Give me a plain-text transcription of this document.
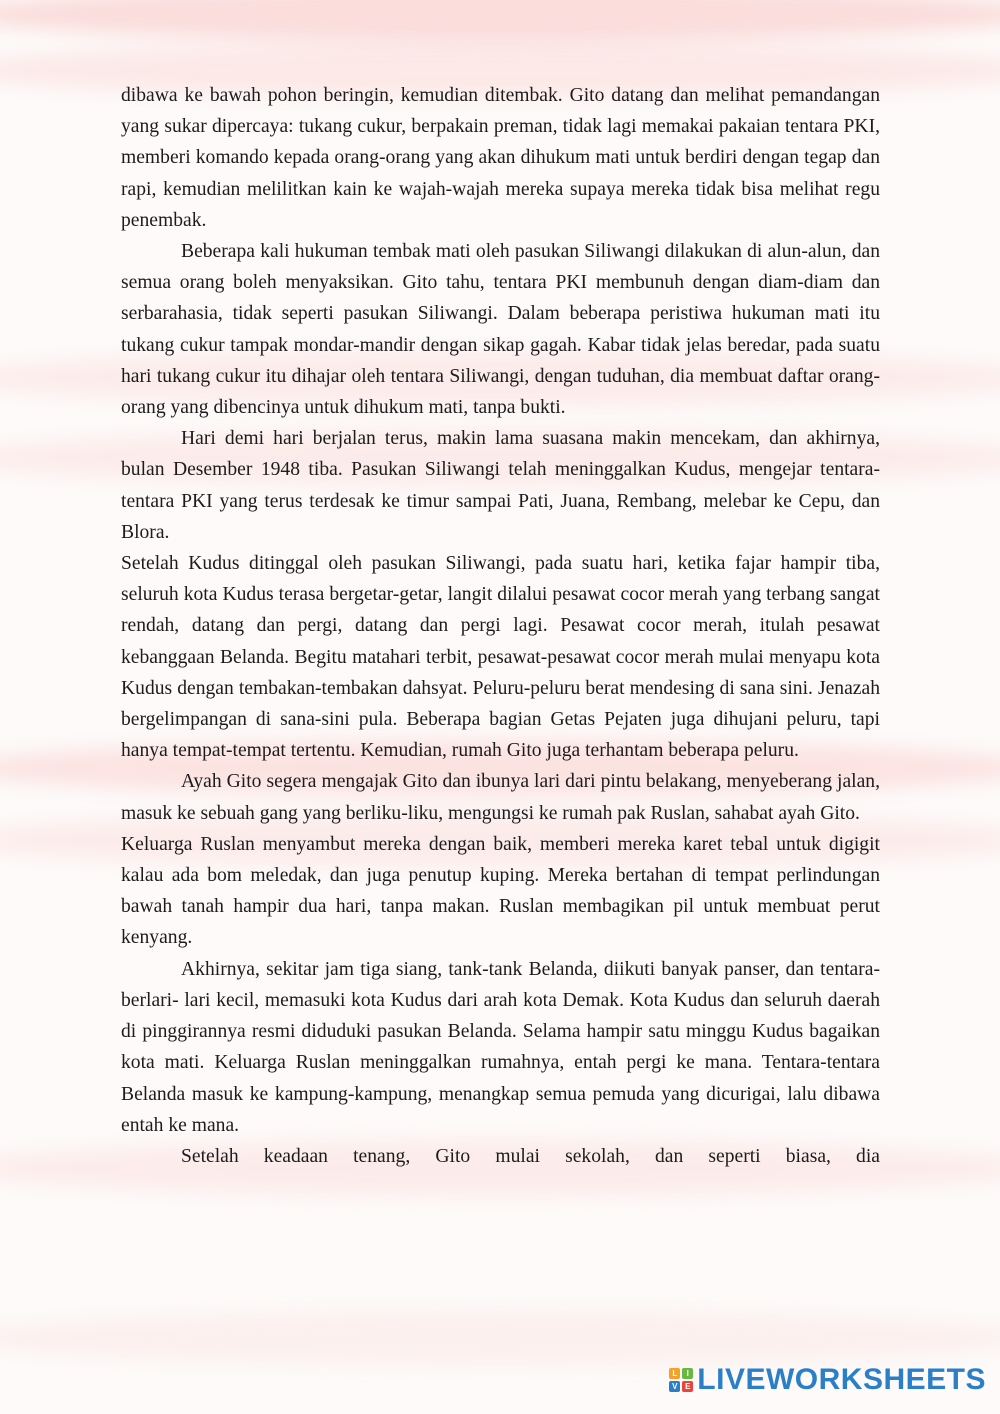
dibawa ke bawah pohon beringin, kemudian ditembak. Gito datang dan melihat pemandangan yang sukar dipercaya: tukang cukur, berpakain preman, tidak lagi memakai pakaian tentara PKI, memberi komando kepada orang-orang yang akan dihukum mati untuk berdiri dengan tegap dan rapi, kemudian melilitkan kain ke wajah-wajah mereka supaya mereka tidak bisa melihat regu penembak.

Beberapa kali hukuman tembak mati oleh pasukan Siliwangi dilakukan di alun-alun, dan semua orang boleh menyaksikan. Gito tahu, tentara PKI membunuh dengan diam-diam dan serbarahasia, tidak seperti pasukan Siliwangi. Dalam beberapa peristiwa hukuman mati itu tukang cukur tampak mondar-mandir dengan sikap gagah. Kabar tidak jelas beredar, pada suatu hari tukang cukur itu dihajar oleh tentara Siliwangi, dengan tuduhan, dia membuat daftar orang-orang yang dibencinya untuk dihukum mati, tanpa bukti.

Hari demi hari berjalan terus, makin lama suasana makin mencekam, dan akhirnya, bulan Desember 1948 tiba. Pasukan Siliwangi telah meninggalkan Kudus, mengejar tentara-tentara PKI yang terus terdesak ke timur sampai Pati, Juana, Rembang, melebar ke Cepu, dan Blora.

Setelah Kudus ditinggal oleh pasukan Siliwangi, pada suatu hari, ketika fajar hampir tiba, seluruh kota Kudus terasa bergetar-getar, langit dilalui pesawat cocor merah yang terbang sangat rendah, datang dan pergi, datang dan pergi lagi. Pesawat cocor merah, itulah pesawat kebanggaan Belanda. Begitu matahari terbit, pesawat-pesawat cocor merah mulai menyapu kota Kudus dengan tembakan-tembakan dahsyat. Peluru-peluru berat mendesing di sana sini. Jenazah bergelimpangan di sana-sini pula. Beberapa bagian Getas Pejaten juga dihujani peluru, tapi hanya tempat-tempat tertentu. Kemudian, rumah Gito juga terhantam beberapa peluru.

Ayah Gito segera mengajak Gito dan ibunya lari dari pintu belakang, menyeberang jalan, masuk ke sebuah gang yang berliku-liku, mengungsi ke rumah pak Ruslan, sahabat ayah Gito.

Keluarga Ruslan menyambut mereka dengan baik, memberi mereka karet tebal untuk digigit kalau ada bom meledak, dan juga penutup kuping. Mereka bertahan di tempat perlindungan bawah tanah hampir dua hari, tanpa makan. Ruslan membagikan pil untuk membuat perut kenyang.

Akhirnya, sekitar jam tiga siang, tank-tank Belanda, diikuti banyak panser, dan tentara-berlari- lari kecil, memasuki kota Kudus dari arah kota Demak. Kota Kudus dan seluruh daerah di pinggirannya resmi diduduki pasukan Belanda. Selama hampir satu minggu Kudus bagaikan kota mati. Keluarga Ruslan meninggalkan rumahnya, entah pergi ke mana. Tentara-tentara Belanda masuk ke kampung-kampung, menangkap semua pemuda yang dicurigai, lalu dibawa entah ke mana.

Setelah keadaan tenang, Gito mulai sekolah, dan seperti biasa, dia

L	I
V E LIVEWORKSHEETS
